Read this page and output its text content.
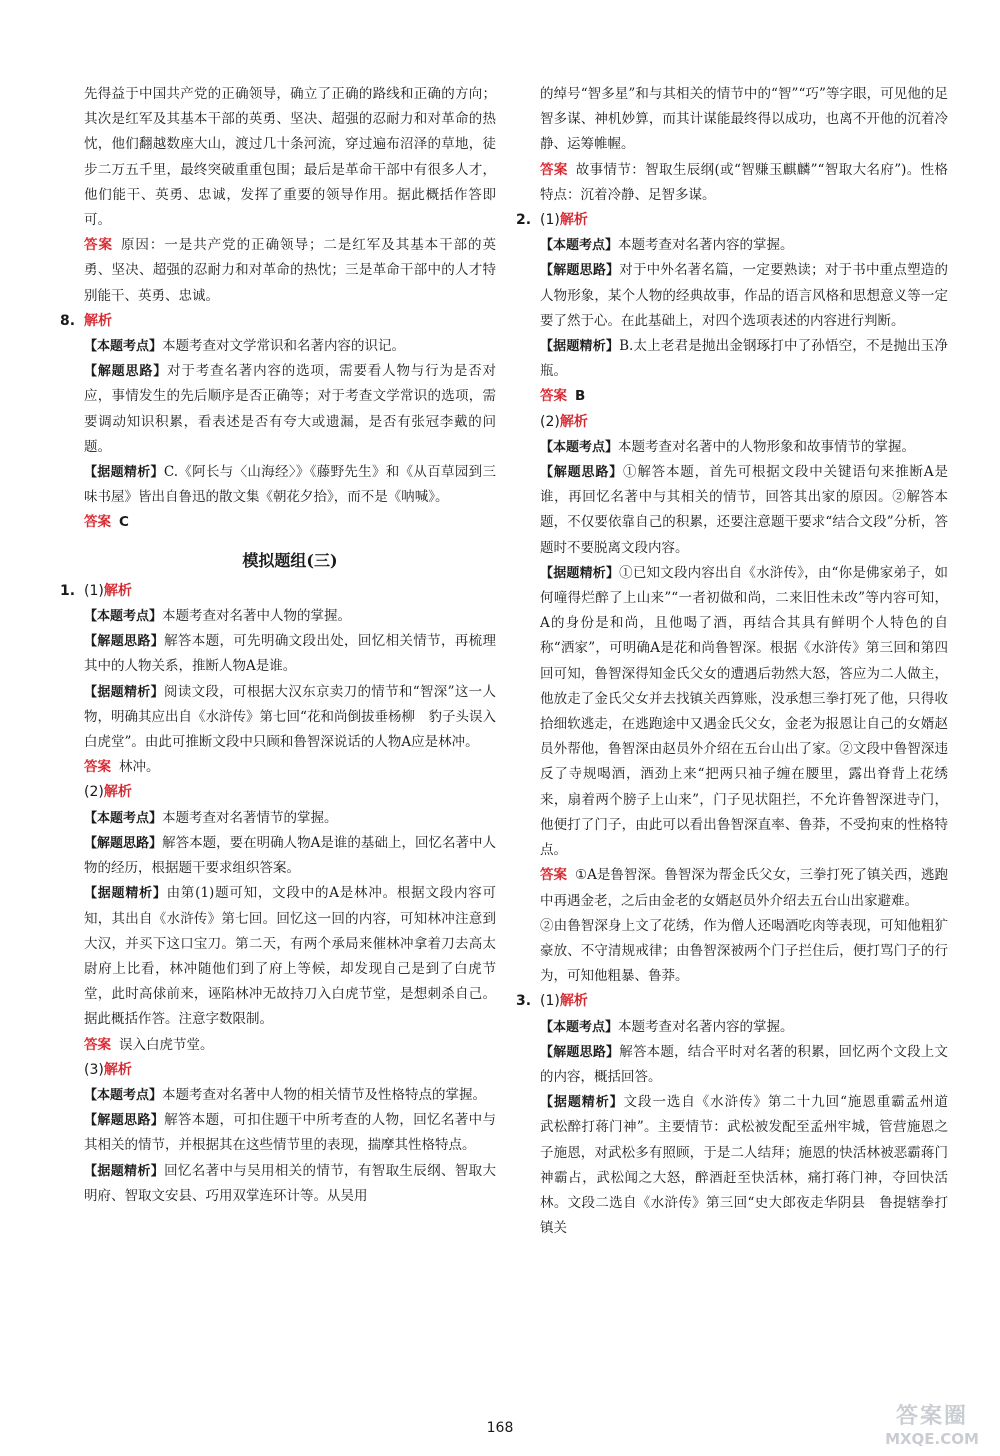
先得益于中国共产党的正确领导，确立了正确的路线和正确的方向；其次是红军及其基本干部的英勇、坚决、超强的忍耐力和对革命的热忱，他们翻越数座大山，渡过几十条河流，穿过遍布沼泽的草地，徒步二万五千里，最终突破重重包围；最后是革命干部中有很多人才，他们能干、英勇、忠诚，发挥了重要的领导作用。据此概括作答即可。

答案 原因：一是共产党的正确领导；二是红军及其基本干部的英勇、坚决、超强的忍耐力和对革命的热忱；三是革命干部中的人才特别能干、英勇、忠诚。

8. 解析

【本题考点】本题考查对文学常识和名著内容的识记。

【解题思路】对于考查名著内容的选项，需要看人物与行为是否对应，事情发生的先后顺序是否正确等；对于考查文学常识的选项，需要调动知识积累，看表述是否有夸大或遗漏，是否有张冠李戴的问题。

【据题精析】C.《阿长与〈山海经〉》《藤野先生》和《从百草园到三味书屋》皆出自鲁迅的散文集《朝花夕拾》，而不是《呐喊》。

答案 C

模拟题组(三)

1. (1)解析

【本题考点】本题考查对名著中人物的掌握。

【解题思路】解答本题，可先明确文段出处，回忆相关情节，再梳理其中的人物关系，推断人物A是谁。

【据题精析】阅读文段，可根据大汉东京卖刀的情节和“智深”这一人物，明确其应出自《水浒传》第七回“花和尚倒拔垂杨柳　豹子头误入白虎堂”。由此可推断文段中只顾和鲁智深说话的人物A应是林冲。

答案 林冲。

(2)解析

【本题考点】本题考查对名著情节的掌握。

【解题思路】解答本题，要在明确人物A是谁的基础上，回忆名著中人物的经历，根据题干要求组织答案。

【据题精析】由第(1)题可知，文段中的A是林冲。根据文段内容可知，其出自《水浒传》第七回。回忆这一回的内容，可知林冲注意到大汉，并买下这口宝刀。第二天，有两个承局来催林冲拿着刀去高太尉府上比看，林冲随他们到了府上等候，却发现自己是到了白虎节堂，此时高俅前来，诬陷林冲无故持刀入白虎节堂，是想刺杀自己。据此概括作答。注意字数限制。

答案 误入白虎节堂。

(3)解析

【本题考点】本题考查对名著中人物的相关情节及性格特点的掌握。

【解题思路】解答本题，可扣住题干中所考查的人物，回忆名著中与其相关的情节，并根据其在这些情节里的表现，揣摩其性格特点。

【据题精析】回忆名著中与吴用相关的情节，有智取生辰纲、智取大明府、智取文安县、巧用双掌连环计等。从吴用

的绰号“智多星”和与其相关的情节中的“智”“巧”等字眼，可见他的足智多谋、神机妙算，而其计谋能最终得以成功，也离不开他的沉着冷静、运筹帷幄。

答案 故事情节：智取生辰纲(或“智赚玉麒麟”“智取大名府”)。性格特点：沉着冷静、足智多谋。

2. (1)解析

【本题考点】本题考查对名著内容的掌握。

【解题思路】对于中外名著名篇，一定要熟读；对于书中重点塑造的人物形象，某个人物的经典故事，作品的语言风格和思想意义等一定要了然于心。在此基础上，对四个选项表述的内容进行判断。

【据题精析】B.太上老君是抛出金钢琢打中了孙悟空，不是抛出玉净瓶。

答案 B

(2)解析

【本题考点】本题考查对名著中的人物形象和故事情节的掌握。

【解题思路】①解答本题，首先可根据文段中关键语句来推断A是谁，再回忆名著中与其相关的情节，回答其出家的原因。②解答本题，不仅要依靠自己的积累，还要注意题干要求“结合文段”分析，答题时不要脱离文段内容。

【据题精析】①已知文段内容出自《水浒传》，由“你是佛家弟子，如何噇得烂醉了上山来”“一者初做和尚，二来旧性未改”等内容可知，A的身份是和尚，且他喝了酒，再结合其具有鲜明个人特色的自称“洒家”，可明确A是花和尚鲁智深。根据《水浒传》第三回和第四回可知，鲁智深得知金氏父女的遭遇后勃然大怒，答应为二人做主，他放走了金氏父女并去找镇关西算账，没承想三拳打死了他，只得收拾细软逃走，在逃跑途中又遇金氏父女，金老为报恩让自己的女婿赵员外帮他，鲁智深由赵员外介绍在五台山出了家。②文段中鲁智深违反了寺规喝酒，酒劲上来“把两只袖子缠在腰里，露出脊背上花绣来，扇着两个膀子上山来”，门子见状阻拦，不允许鲁智深进寺门，他便打了门子，由此可以看出鲁智深直率、鲁莽，不受拘束的性格特点。

答案 ①A是鲁智深。鲁智深为帮金氏父女，三拳打死了镇关西，逃跑中再遇金老，之后由金老的女婿赵员外介绍去五台山出家避难。

②由鲁智深身上文了花绣，作为僧人还喝酒吃肉等表现，可知他粗犷豪放、不守清规戒律；由鲁智深被两个门子拦住后，便打骂门子的行为，可知他粗暴、鲁莽。

3. (1)解析

【本题考点】本题考查对名著内容的掌握。

【解题思路】解答本题，结合平时对名著的积累，回忆两个文段上文的内容，概括回答。

【据题精析】文段一选自《水浒传》第二十九回“施恩重霸孟州道　武松醉打蒋门神”。主要情节：武松被发配至孟州牢城，管营施恩之子施恩，对武松多有照顾，于是二人结拜；施恩的快活林被恶霸蒋门神霸占，武松闻之大怒，醉酒赶至快活林，痛打蒋门神，夺回快活林。文段二选自《水浒传》第三回“史大郎夜走华阴县　鲁提辖拳打镇关

168	答案圈
MXQE.COM
